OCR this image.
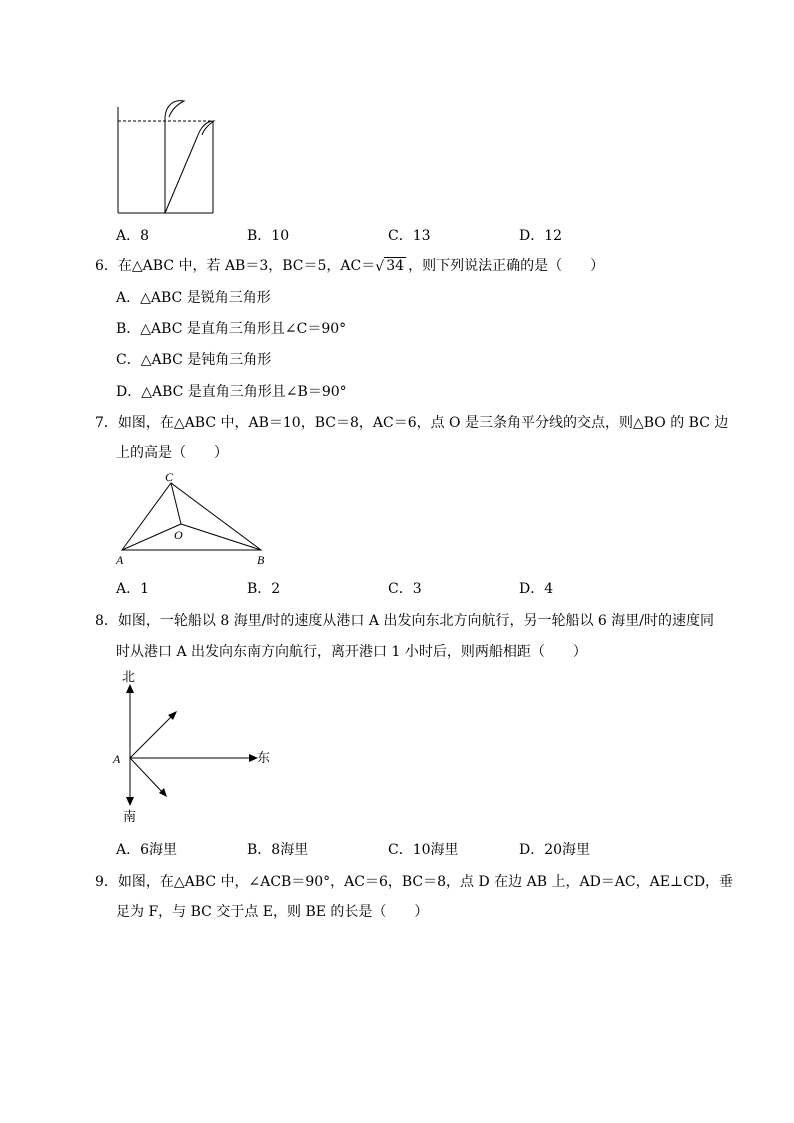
A．8	B．10	C．13	D．12
6．在△ABC 中，若 AB＝3，BC＝5，AC＝ √ 34 ，则下列说法正确的是（　　）
A．△ABC 是锐角三角形
B．△ABC 是直角三角形且∠C＝90°
C．△ABC 是钝角三角形
D．△ABC 是直角三角形且∠B＝90°
7．如图，在△ABC 中，AB＝10，BC＝8，AC＝6，点 O 是三条角平分线的交点，则△BO 的 BC 边
上的高是（　　）
C
O
A	B
A．1	B．2	C．3	D．4
8．如图，一轮船以 8 海里/时的速度从港口 A 出发向东北方向航行，另一轮船以 6 海里/时的速度同
时从港口 A 出发向东南方向航行，离开港口 1 小时后，则两船相距（　　）
北
A	东
南
A．6海里	B．8海里	C．10海里	D．20海里
9．如图，在△ABC 中，∠ACB＝90°，AC＝6，BC＝8，点 D 在边 AB 上，AD＝AC，AE⊥CD，垂
足为 F，与 BC 交于点 E，则 BE 的长是（　　）
